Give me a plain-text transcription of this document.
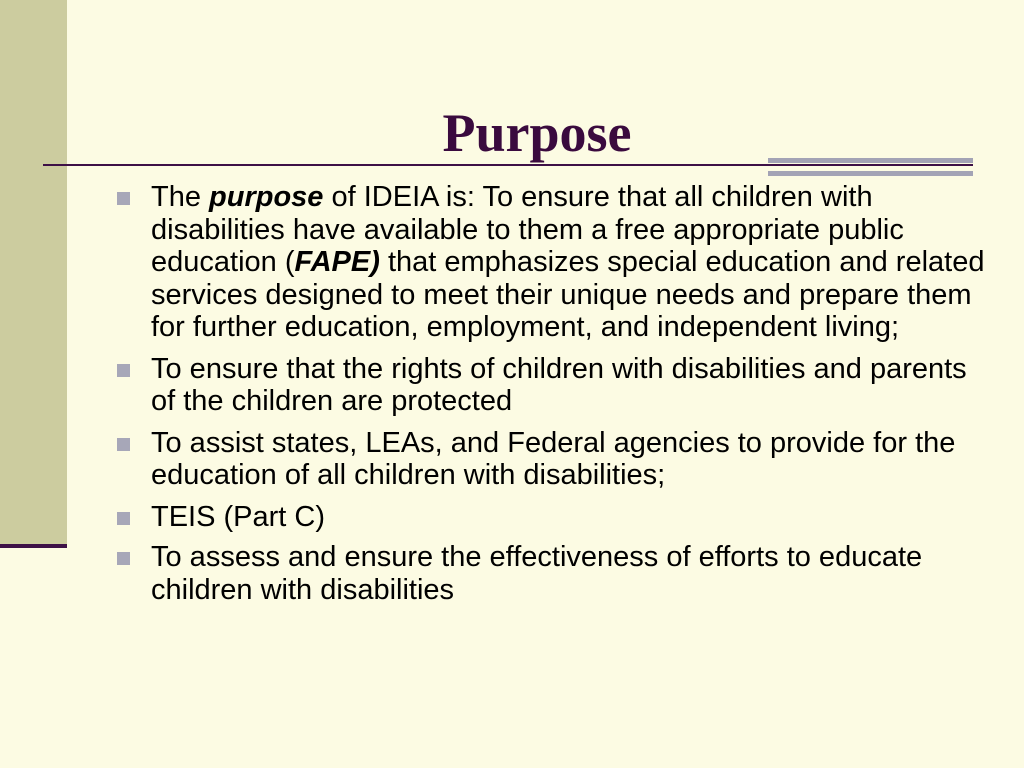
Purpose
The purpose of IDEIA is: To ensure that all children with disabilities have available to them a free appropriate public education (FAPE) that emphasizes special education and related services designed to meet their unique needs and prepare them for further education, employment, and independent living;
To ensure that the rights of children with disabilities and parents of the children are protected
To assist states, LEAs, and Federal agencies to provide for the education of all children with disabilities;
TEIS (Part C)
To assess and ensure the effectiveness of efforts to educate children with disabilities
